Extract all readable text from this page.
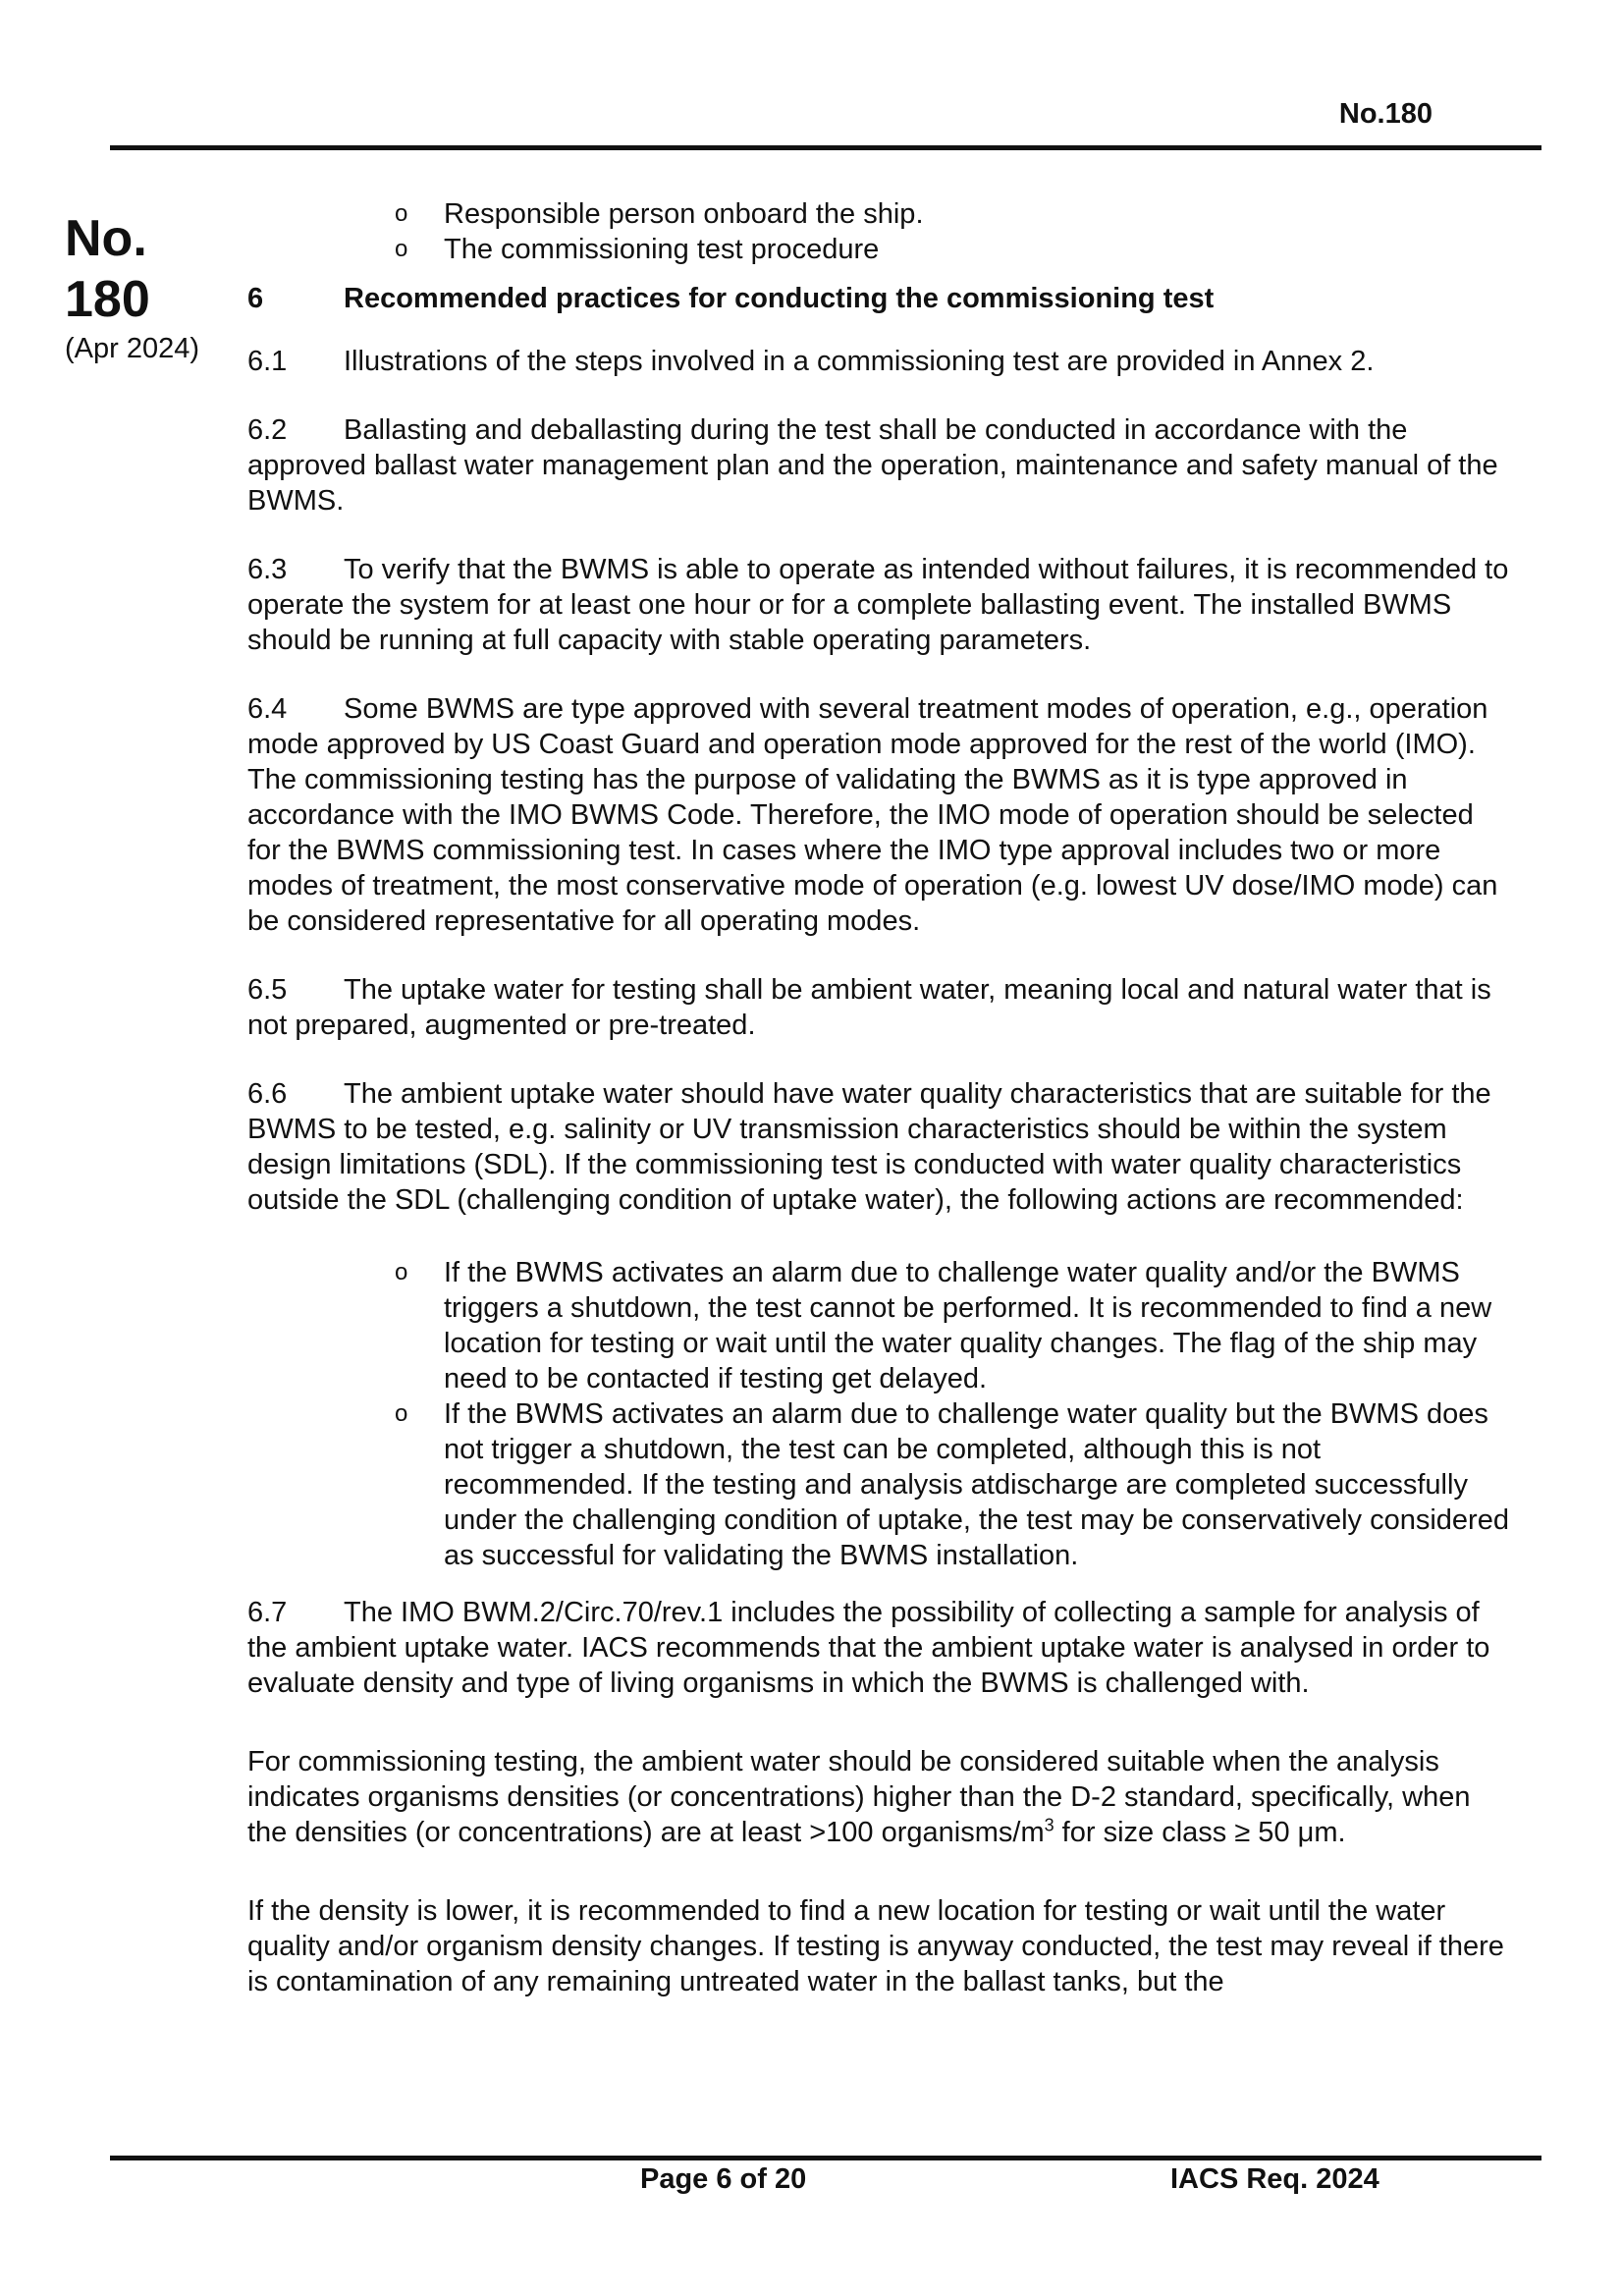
No.180
No.
180
(Apr 2024)
o Responsible person onboard the ship.
o The commissioning test procedure
6	Recommended practices for conducting the commissioning test

6.1 Illustrations of the steps involved in a commissioning test are provided in Annex 2.

6.2 Ballasting and deballasting during the test shall be conducted in accordance with the approved ballast water management plan and the operation, maintenance and safety manual of the BWMS.

6.3 To verify that the BWMS is able to operate as intended without failures, it is recommended to operate the system for at least one hour or for a complete ballasting event. The installed BWMS should be running at full capacity with stable operating parameters.

6.4 Some BWMS are type approved with several treatment modes of operation, e.g., operation mode approved by US Coast Guard and operation mode approved for the rest of the world (IMO). The commissioning testing has the purpose of validating the BWMS as it is type approved in accordance with the IMO BWMS Code. Therefore, the IMO mode of operation should be selected for the BWMS commissioning test. In cases where the IMO type approval includes two or more modes of treatment, the most conservative mode of operation (e.g. lowest UV dose/IMO mode) can be considered representative for all operating modes.

6.5 The uptake water for testing shall be ambient water, meaning local and natural water that is not prepared, augmented or pre-treated.

6.6 The ambient uptake water should have water quality characteristics that are suitable for the BWMS to be tested, e.g. salinity or UV transmission characteristics should be within the system design limitations (SDL). If the commissioning test is conducted with water quality characteristics outside the SDL (challenging condition of uptake water), the following actions are recommended:

o If the BWMS activates an alarm due to challenge water quality and/or the BWMS triggers a shutdown, the test cannot be performed. It is recommended to find a new location for testing or wait until the water quality changes. The flag of the ship may need to be contacted if testing get delayed.
o If the BWMS activates an alarm due to challenge water quality but the BWMS does not trigger a shutdown, the test can be completed, although this is not recommended. If the testing and analysis atdischarge are completed successfully under the challenging condition of uptake, the test may be conservatively considered as successful for validating the BWMS installation.

6.7 The IMO BWM.2/Circ.70/rev.1 includes the possibility of collecting a sample for analysis of the ambient uptake water. IACS recommends that the ambient uptake water is analysed in order to evaluate density and type of living organisms in which the BWMS is challenged with.

For commissioning testing, the ambient water should be considered suitable when the analysis indicates organisms densities (or concentrations) higher than the D-2 standard, specifically, when the densities (or concentrations) are at least >100 organisms/$m^3$ for size class ≥ 50 μm.

If the density is lower, it is recommended to find a new location for testing or wait until the water quality and/or organism density changes. If testing is anyway conducted, the test may reveal if there is contamination of any remaining untreated water in the ballast tanks, but the

Page 6 of 20	IACS Req. 2024
